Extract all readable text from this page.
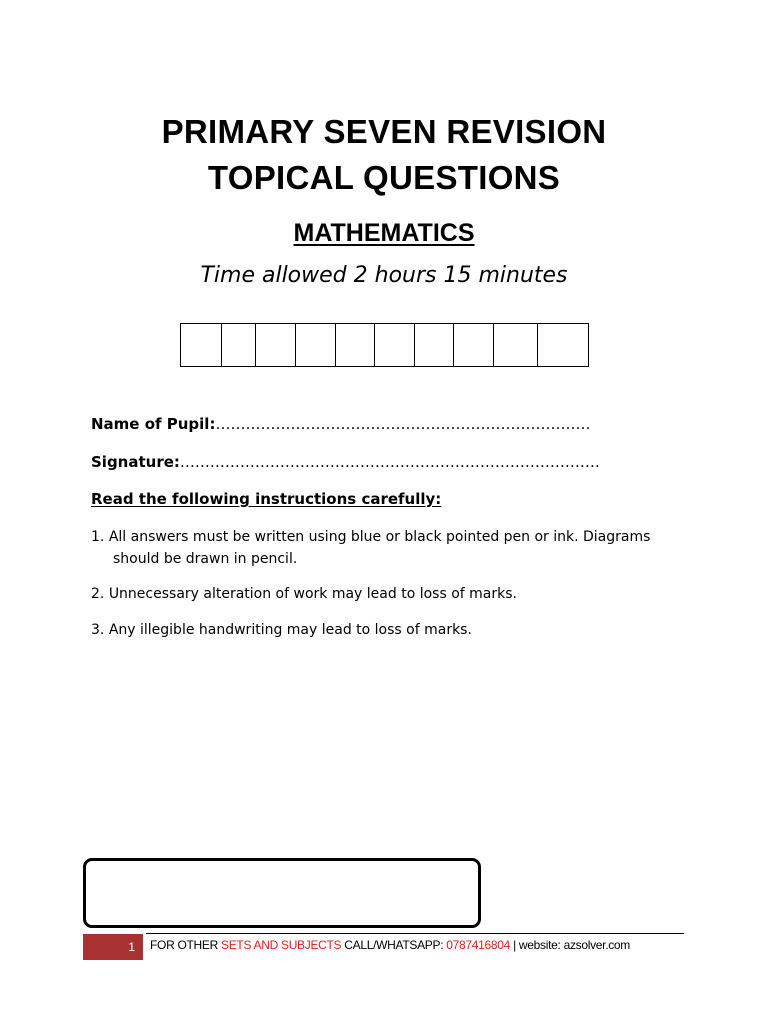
PRIMARY SEVEN REVISION
TOPICAL QUESTIONS
MATHEMATICS
Time allowed 2 hours 15 minutes
Name of Pupil:…………………………………………………………………
Signature:…………………………………………………………………………
Read the following instructions carefully:
1. All answers must be written using blue or black pointed pen or ink. Diagrams
should be drawn in pencil.
2. Unnecessary alteration of work may lead to loss of marks.
3. Any illegible handwriting may lead to loss of marks.
1	FOR OTHER SETS AND SUBJECTS CALL/WHATSAPP: 0787416804 | website: azsolver.com
